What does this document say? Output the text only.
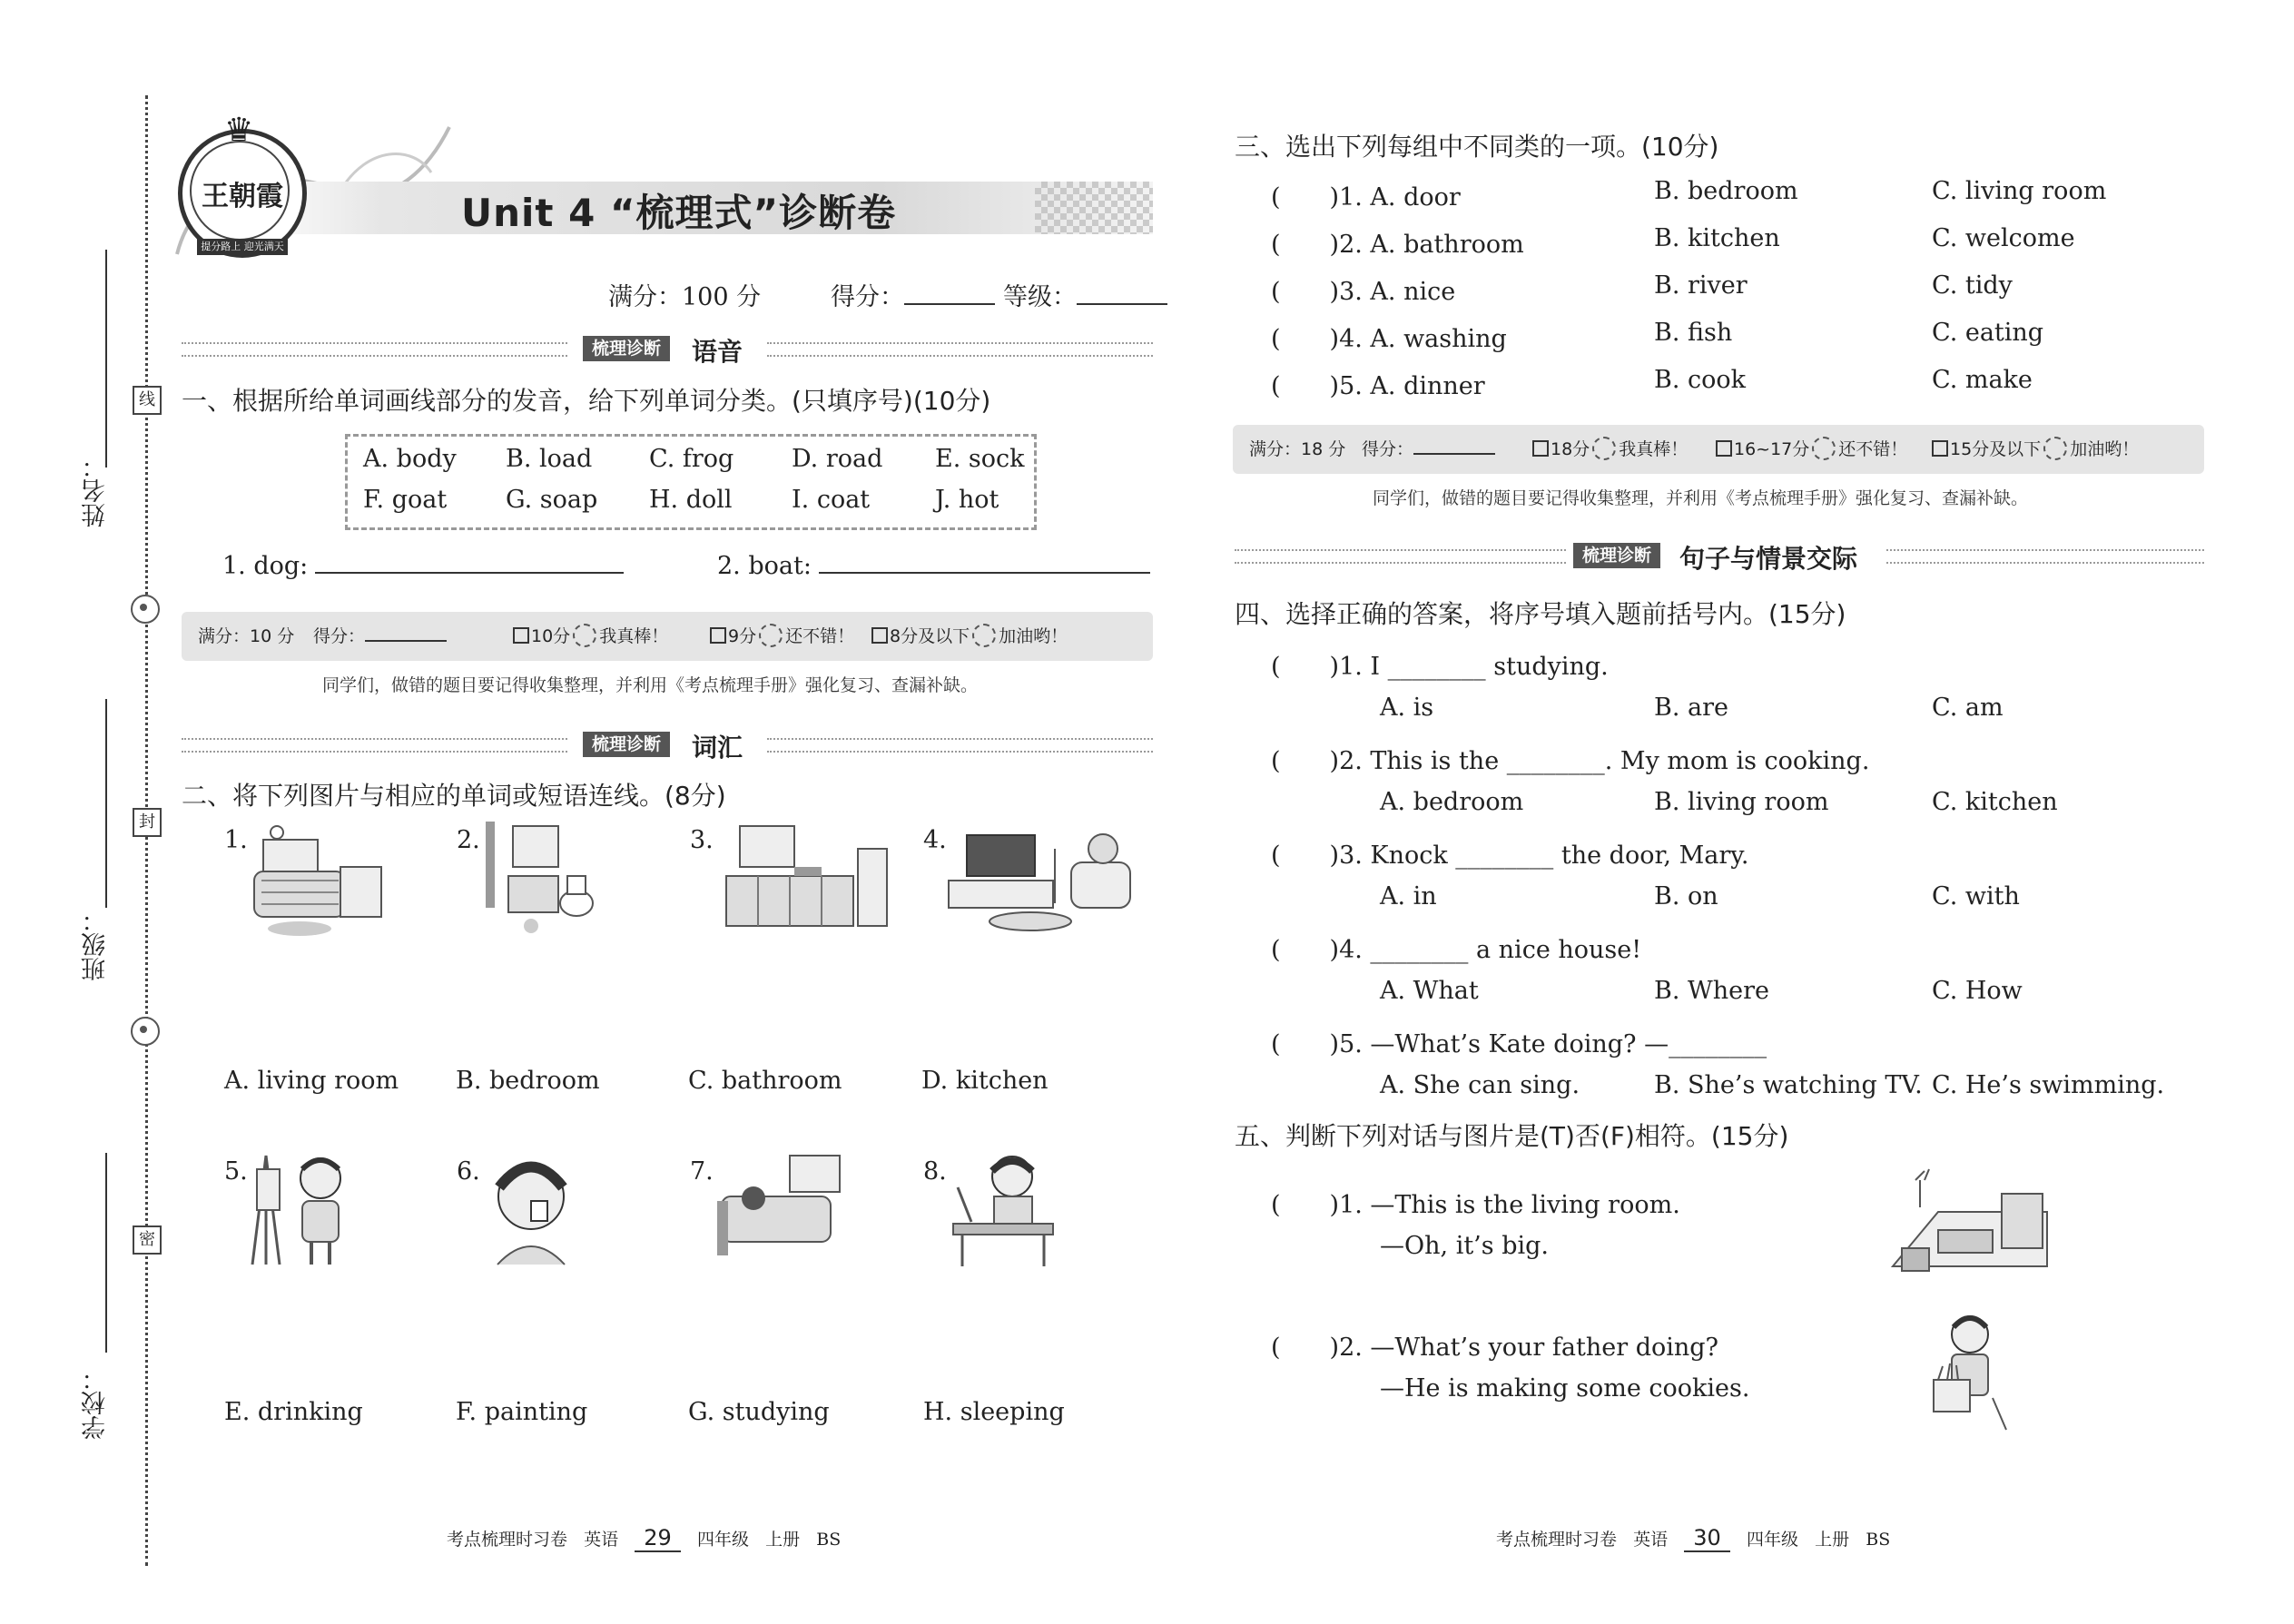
姓名：
线
班级：
封
学校：
密
♛
王朝霞
提分路上 迎光满天
Unit 4 “梳理式”诊断卷
满分：100 分	得分：	等级：
梳理诊断	语音
一、根据所给单词画线部分的发音，给下列单词分类。(只填序号)(10分)
A. body B. load C. frog D. road E. sock
F. goat G. soap H. doll I. coat	J. hot
1. dog:	2. boat:
满分：10 分 得分：	10分 我真棒！	9分 还不错！	8分及以下 加油哟！
同学们，做错的题目要记得收集整理，并利用《考点梳理手册》强化复习、查漏补缺。
梳理诊断	词汇
二、将下列图片与相应的单词或短语连线。(8分)
1.	2.	3.	4.
A. living room B. bedroom	C. bathroom	D. kitchen
5.	6.	7.	8.
E. drinking	F. painting	G. studying	H. sleeping
考点梳理时习卷 英语 29 四年级 上册 BS
三、选出下列每组中不同类的一项。(10分)
(　　)1. A. door	B. bedroom	C. living room
(　　)2. A. bathroom	B. kitchen	C. welcome
(　　)3. A. nice	B. river	C. tidy
(　　)4. A. washing	B. fish	C. eating
(　　)5. A. dinner	B. cook	C. make
满分：18 分 得分：	18分 我真棒！	16~17分 还不错！	15分及以下 加油哟！
同学们，做错的题目要记得收集整理，并利用《考点梳理手册》强化复习、查漏补缺。
梳理诊断	句子与情景交际
四、选择正确的答案，将序号填入题前括号内。(15分)
(　　)1. I ________ studying.
A. is	B. are	C. am
(　　)2. This is the ________. My mom is cooking.
A. bedroom	B. living room	C. kitchen
(　　)3. Knock ________ the door, Mary.
A. in	B. on	C. with
(　　)4. ________ a nice house!
A. What	B. Where	C. How
(　　)5. —What’s Kate doing? —________
A. She can sing.	B. She’s watching TV. C. He’s swimming.
五、判断下列对话与图片是(T)否(F)相符。(15分)
(　　)1. —This is the living room.
—Oh, it’s big.
(　　)2. —What’s your father doing?
—He is making some cookies.
考点梳理时习卷 英语 30 四年级 上册 BS
